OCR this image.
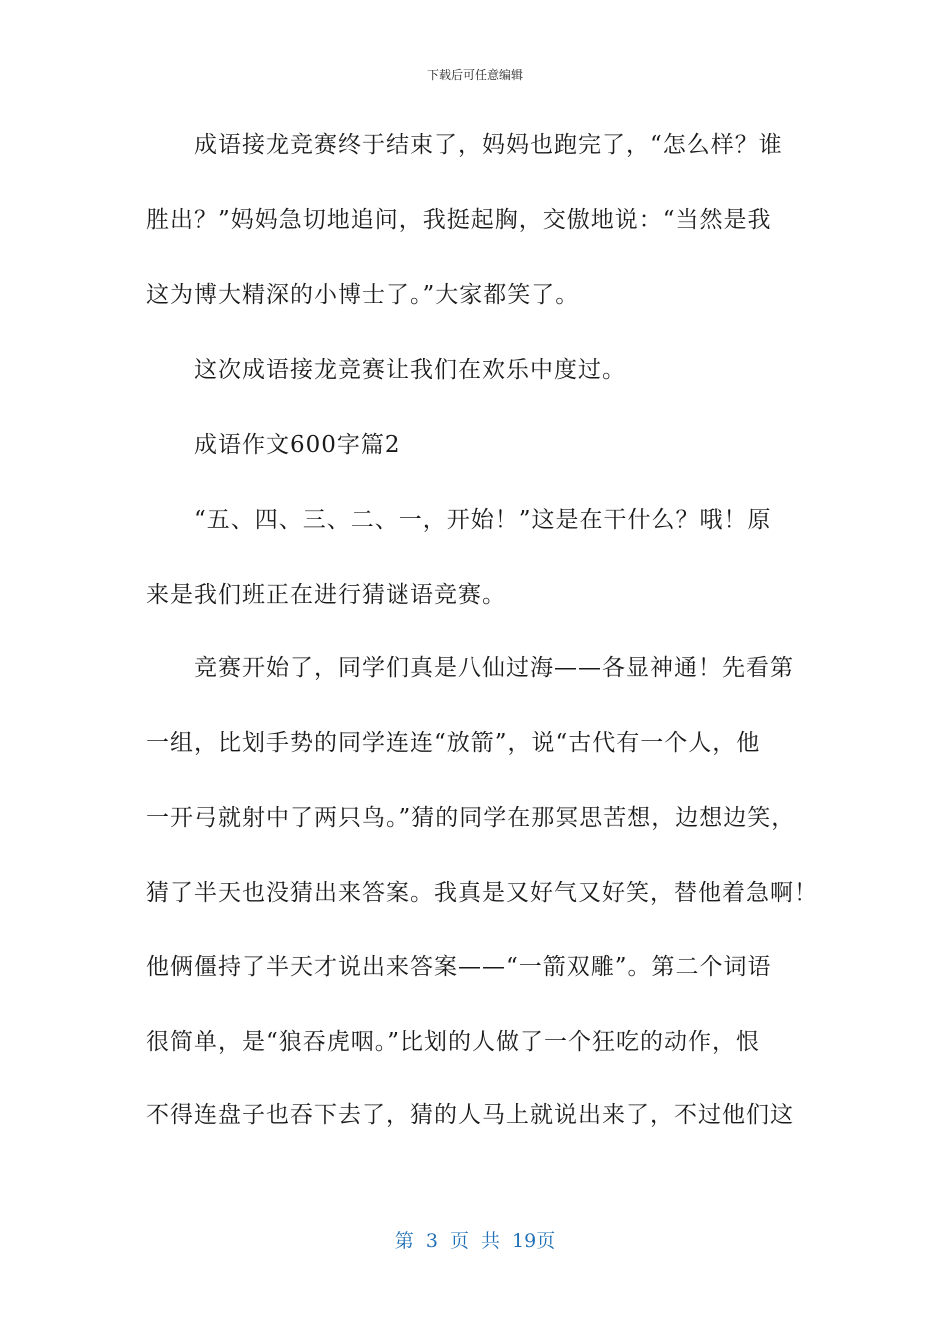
下载后可任意编辑
成语接龙竞赛终于结束了，妈妈也跑完了，“怎么样？谁
胜出？”妈妈急切地追问，我挺起胸，交傲地说：“当然是我
这为博大精深的小博士了。”大家都笑了。
这次成语接龙竞赛让我们在欢乐中度过。
成语作文600字篇2
“五、四、三、二、一，开始！”这是在干什么？哦！原
来是我们班正在进行猜谜语竞赛。
竞赛开始了，同学们真是八仙过海——各显神通！先看第
一组，比划手势的同学连连“放箭”，说“古代有一个人，他
一开弓就射中了两只鸟。”猜的同学在那冥思苦想，边想边笑，
猜了半天也没猜出来答案。我真是又好气又好笑，替他着急啊！
他俩僵持了半天才说出来答案——“一箭双雕”。第二个词语
很简单，是“狼吞虎咽。”比划的人做了一个狂吃的动作，恨
不得连盘子也吞下去了，猜的人马上就说出来了，不过他们这
第 3 页 共 19页
